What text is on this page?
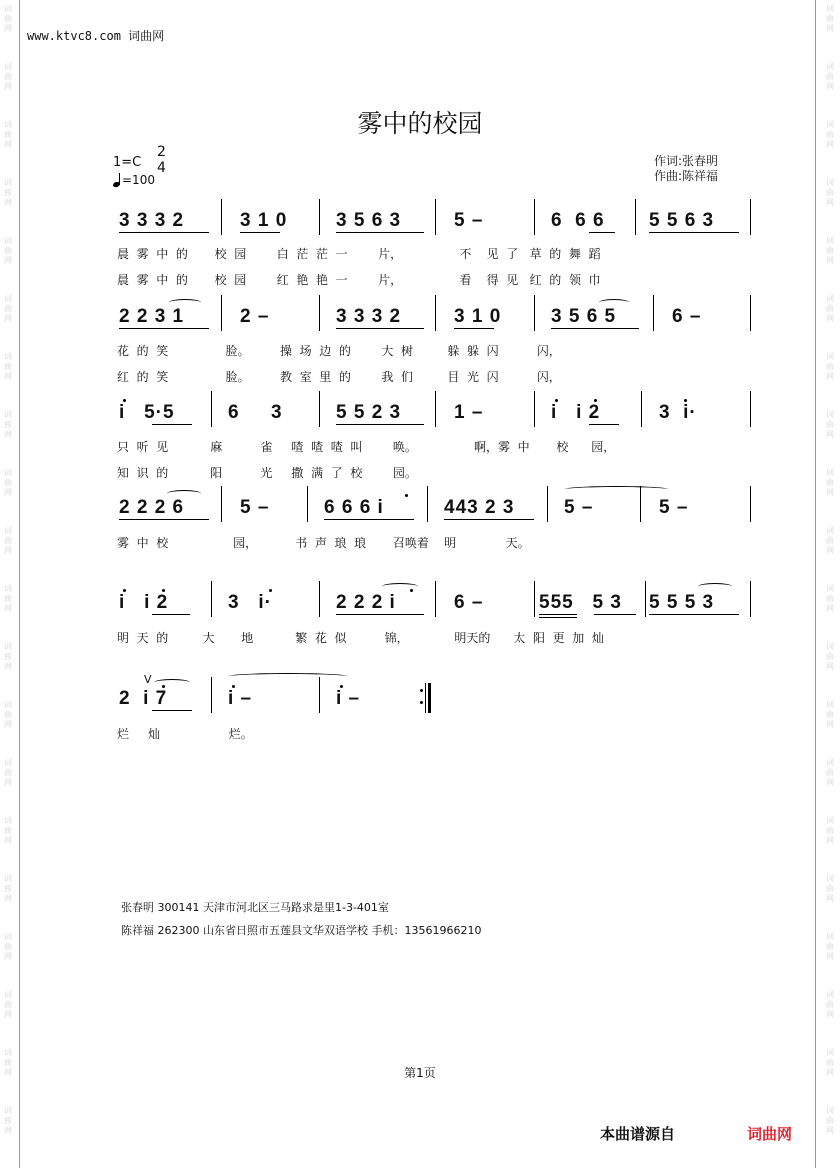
词
曲
网
词
曲
网
词
曲
网
词
曲
网
词
曲
网
词
曲
网
词
曲
网
词
曲
网
词
曲
网
词
曲
网
词
曲
网
词
曲
网
词
曲
网
词
曲
网
词
曲
网
词
曲
网
词
曲
网
词
曲
网
词
曲
网
词
曲
网
词
曲
网
词
曲
网
词
曲
网
词
曲
网
词
曲
网
词
曲
网
词
曲
网
词
曲
网
词
曲
网
词
曲
网
词
曲
网
词
曲
网
词
曲
网
词
曲
网
词
曲
网
词
曲
网
词
曲
网
词
曲
网
词
曲
网
词
曲
网
www.ktvc8.com 词曲网
雾中的校园
1=C
2
4
=100
作词:张春明
作曲:陈祥福
3 3 3 2	3 1 0	3 5 6 3	5 –	6  6 6 5 5 6 3
晨  雾  中  的       校  园        白  茫  茫  一        片，               不    见  了   草  的  舞  蹈
晨  雾  中  的       校  园        红  艳  艳  一        片，               看    得  见   红  的  领  巾
2 2 3 1	2 –	3 3 3 2	3 1 0	3 5 6 5	6 –
花  的  笑               脸。        操  场  边  的        大  树         躲  躲  闪          闪，
红  的  笑               脸。        教  室  里  的        我  们         目  光  闪          闪，
i   5·5	6     3	5 5 2 3	1 –	i   i 2	3  i·
只  听  见           麻          雀     喳  喳  喳  叫        唤。               啊，雾  中       校      园，
知  识  的           阳          光     撒  满  了  校        园。
2 2 2 6	5 –	6 6 6 i	443 2 3	5 –	5 –
雾  中  校                 园，          书  声  琅  琅       召唤着    明             天。
i   i 2	3   i·	2 2 2 i	6 –	555   5 3 5 5 5 3
明  天  的         大       地           繁  花  似          锦，            明天的      太  阳  更  加  灿
V
2  i 7	i –	i –
烂     灿                  烂。
张春明 300141 天津市河北区三马路求是里1-3-401室
陈祥福 262300 山东省日照市五莲县文华双语学校 手机：13561966210
第1页
本曲谱源自	词曲网
